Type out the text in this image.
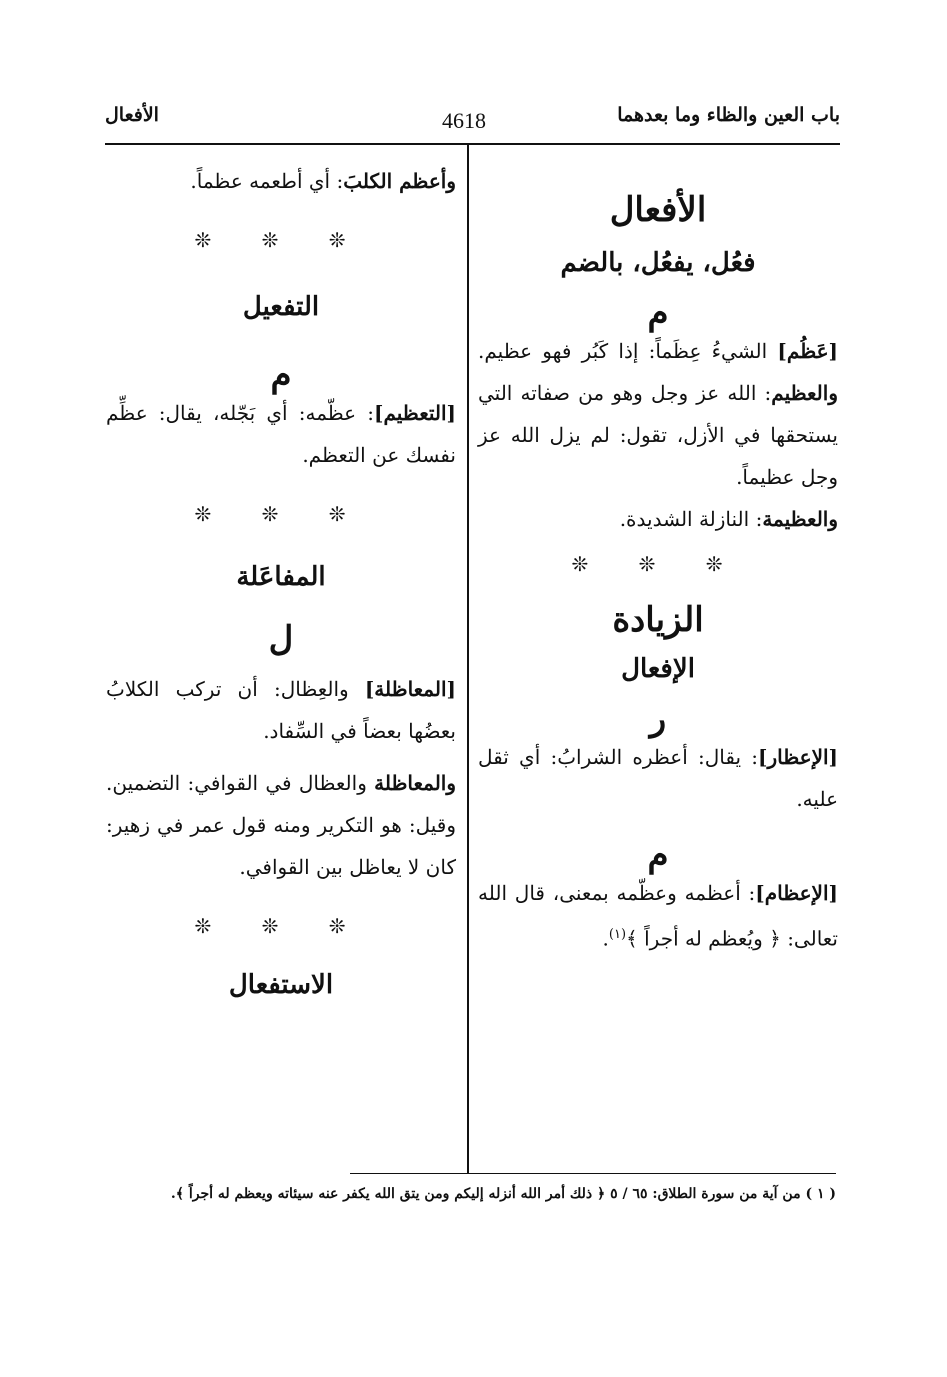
باب العين والظاء وما بعدهما
4618
الأفعال

الأفعال

فعُل، يفعُل، بالضم

م

[عَظُم] الشيءُ عِظَماً: إذا كَبُر فهو عظيم. والعظيم: الله عز وجل وهو من صفاته التي يستحقها في الأزل، تقول: لم يزل الله عز وجل عظيماً.

والعظيمة: النازلة الشديدة.

❊ ❊ ❊

الزيادة

الإفعال

ر

[الإعظار]: يقال: أعظره الشرابُ: أي ثقل عليه.

م

[الإعظام]: أعظمه وعظّمه بمعنى، قال الله تعالى: ﴿ ويُعظم له أجراً ﴾$^{(١)}$.

وأعظم الكلبَ: أي أطعمه عظماً.

❊ ❊ ❊

التفعيل

م

[التعظيم]: عظّمه: أي بَجّله، يقال: عظِّم نفسك عن التعظم.

❊ ❊ ❊

المفاعَلة

ل

[المعاظلة] والعِظال: أن تركب الكلابُ بعضُها بعضاً في السِّفاد.

والمعاظلة والعظال في القوافي: التضمين. وقيل: هو التكرير ومنه قول عمر في زهير: كان لا يعاظل بين القوافي.

❊ ❊ ❊

الاستفعال

( ١ ) من آية من سورة الطلاق: ٦٥ / ٥ ﴿ ذلك أمر الله أنزله إليكم ومن يتق الله يكفر عنه سيئاته ويعظم له أجراً ﴾.
